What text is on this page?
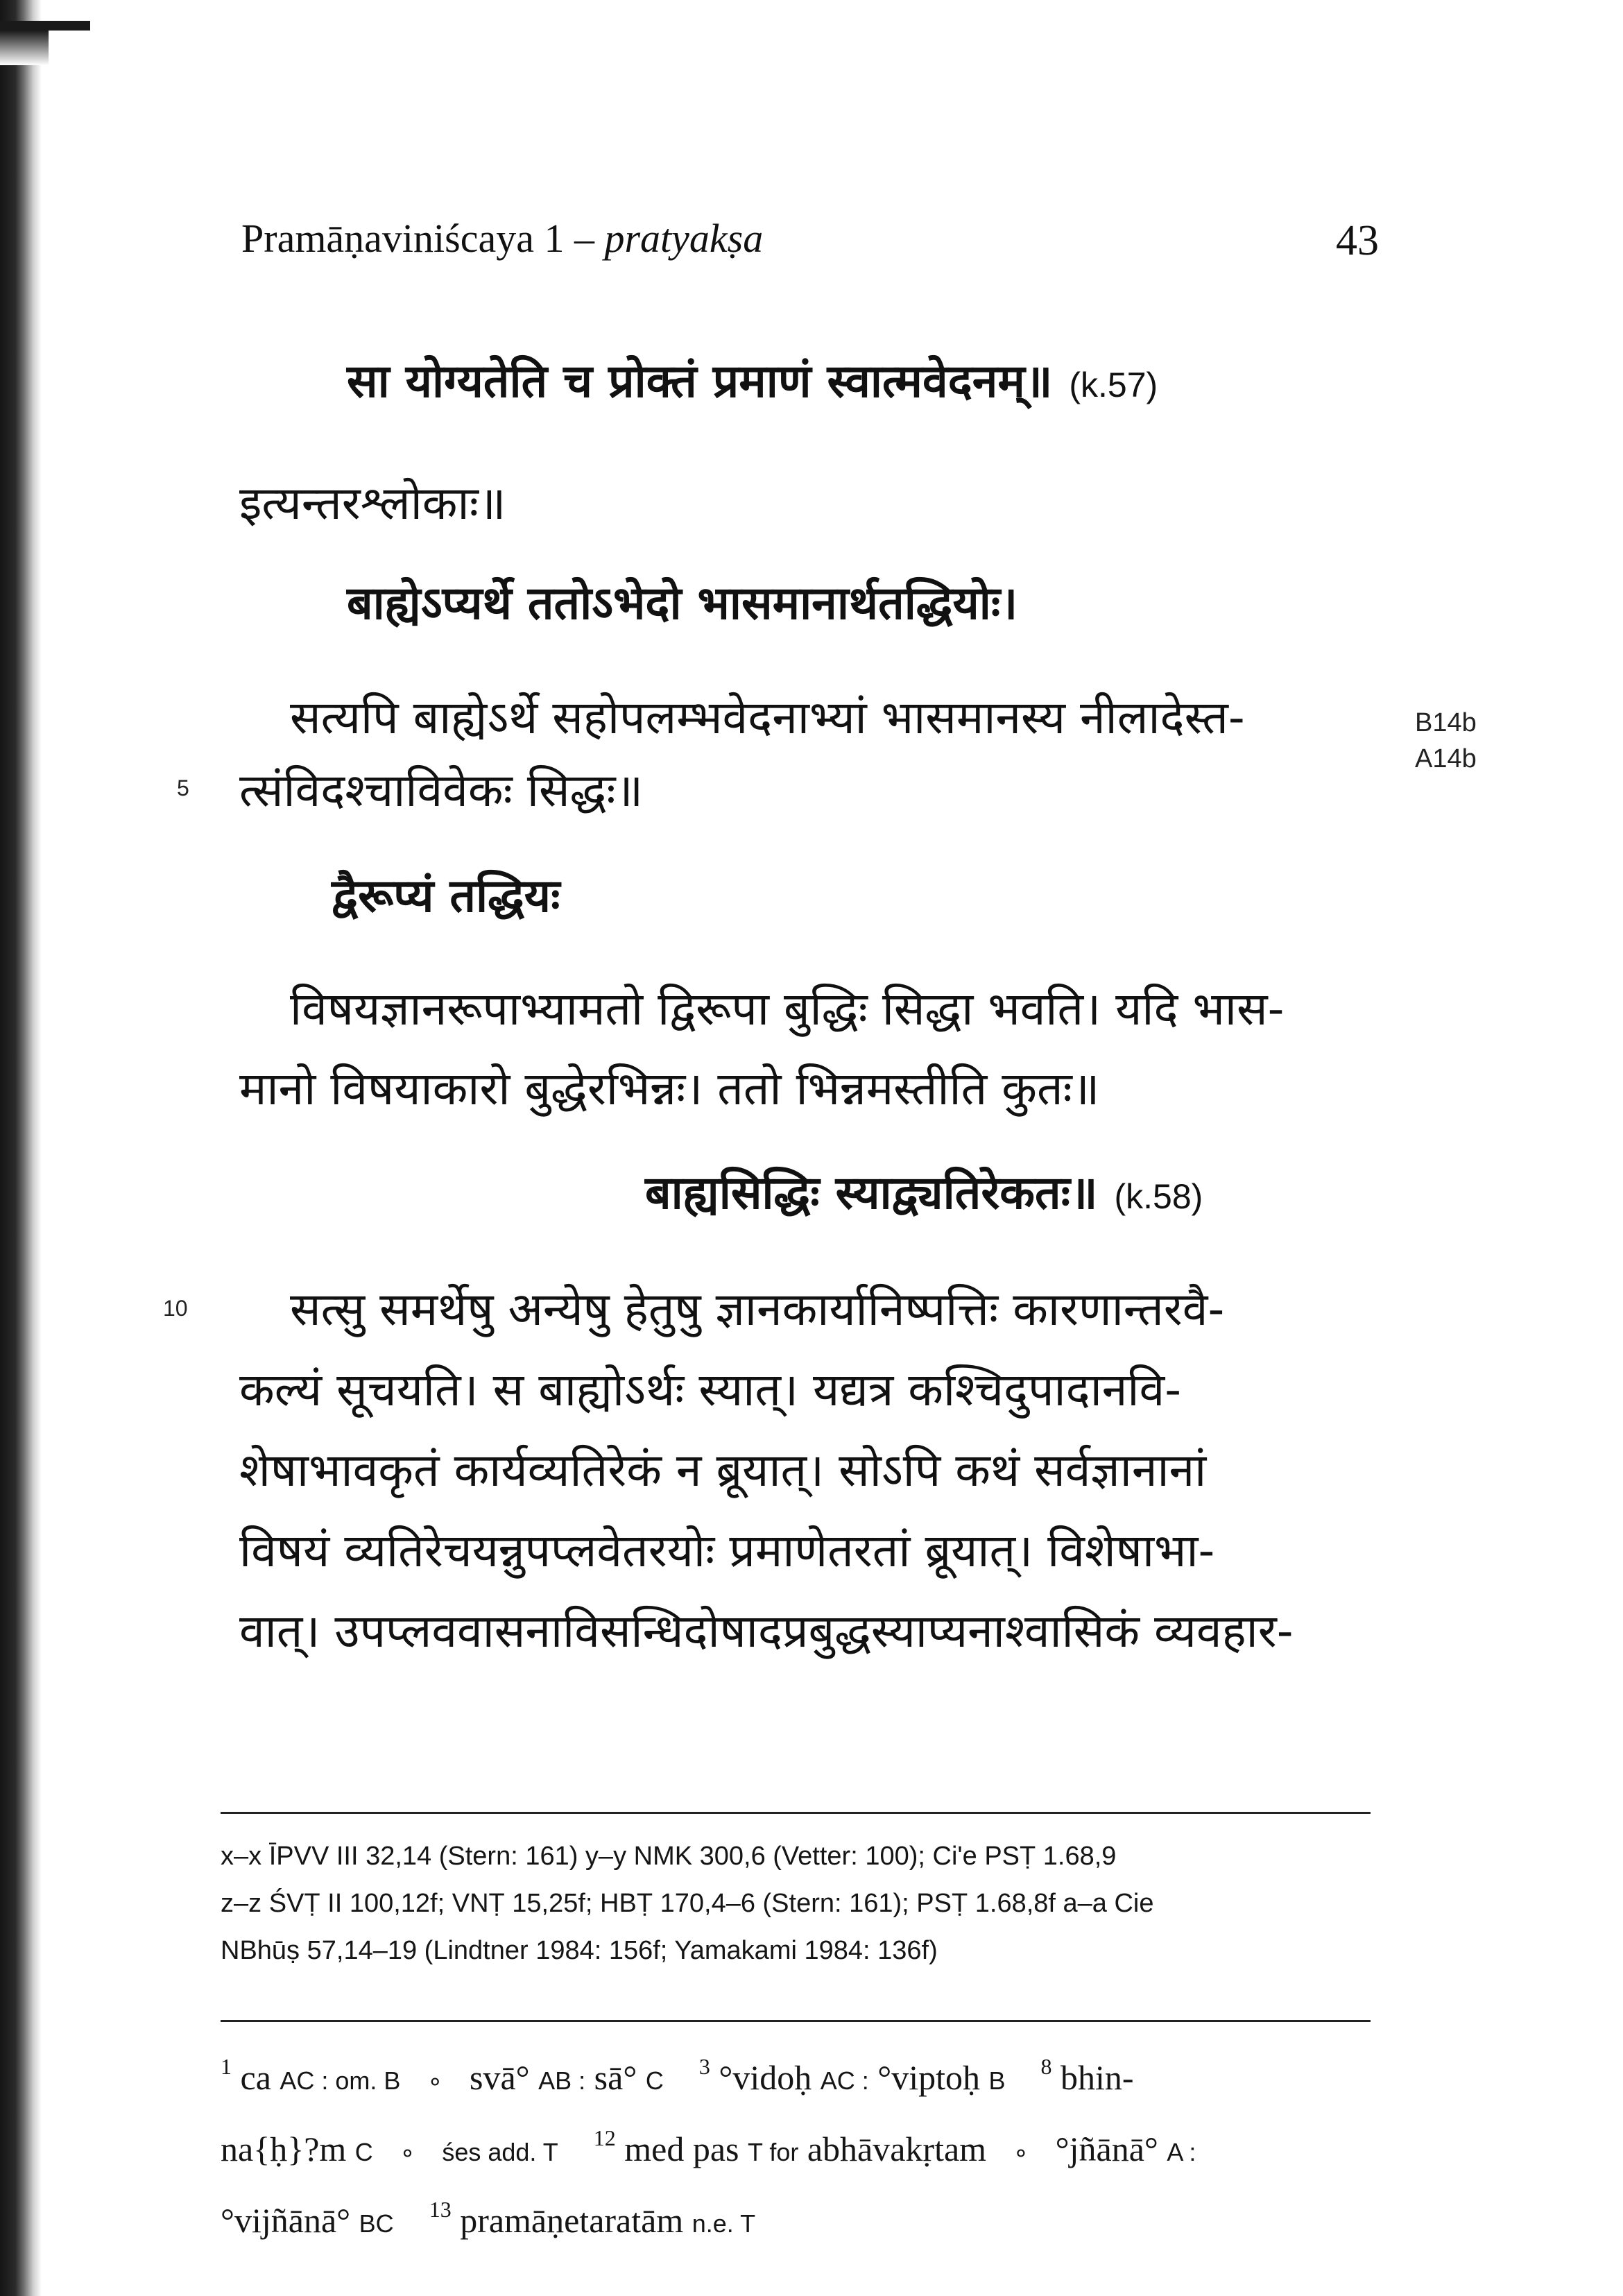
Pramāṇaviniścaya 1 – pratyakṣa	43
सा योग्यतेति च प्रोक्तं प्रमाणं स्वात्मवेदनम्॥ (k.57)
इत्यन्तरश्लोकाः॥
बाह्येऽप्यर्थे ततोऽभेदो भासमानार्थतद्धियोः।
सत्यपि बाह्येऽर्थे सहोपलम्भवेदनाभ्यां भासमानस्य नीलादेस्त-
त्संविदश्चाविवेकः सिद्धः॥
द्वैरूप्यं तद्धियः
विषयज्ञानरूपाभ्यामतो द्विरूपा बुद्धिः सिद्धा भवति। यदि भास-
मानो विषयाकारो बुद्धेरभिन्नः। ततो भिन्नमस्तीति कुतः॥
बाह्यसिद्धिः स्याद्व्यतिरेकतः॥ (k.58)
सत्सु समर्थेषु अन्येषु हेतुषु ज्ञानकार्यानिष्पत्तिः कारणान्तरवै-
कल्यं सूचयति। स बाह्योऽर्थः स्यात्। यद्यत्र कश्चिदुपादानवि-
शेषाभावकृतं कार्यव्यतिरेकं न ब्रूयात्। सोऽपि कथं सर्वज्ञानानां
विषयं व्यतिरेचयन्नुपप्लवेतरयोः प्रमाणेतरतां ब्रूयात्। विशेषाभा-
वात्। उपप्लववासनाविसन्धिदोषादप्रबुद्धस्याप्यनाश्वासिकं व्यवहार-
5
10
B14b
A14b
x–x ĪPVV III 32,14 (Stern: 161) y–y NMK 300,6 (Vetter: 100); Ci'e PSṬ 1.68,9
z–z ŚVṬ II 100,12f; VNṬ 15,25f; HBṬ 170,4–6 (Stern: 161); PSṬ 1.68,8f a–a Cie
NBhūṣ 57,14–19 (Lindtner 1984: 156f; Yamakami 1984: 136f)
$^1$ ca AC : om. B ∘ svā° AB : sā° C $^3$ °vidoḥ AC : °viptoḥ B $^8$ bhin-
na{ḥ}?m C ∘ śes add. T $^{12}$ med pas T for abhāvakṛtam ∘ °jñānā° A :
°vijñānā° BC $^{13}$ pramāṇetaratām n.e. T
